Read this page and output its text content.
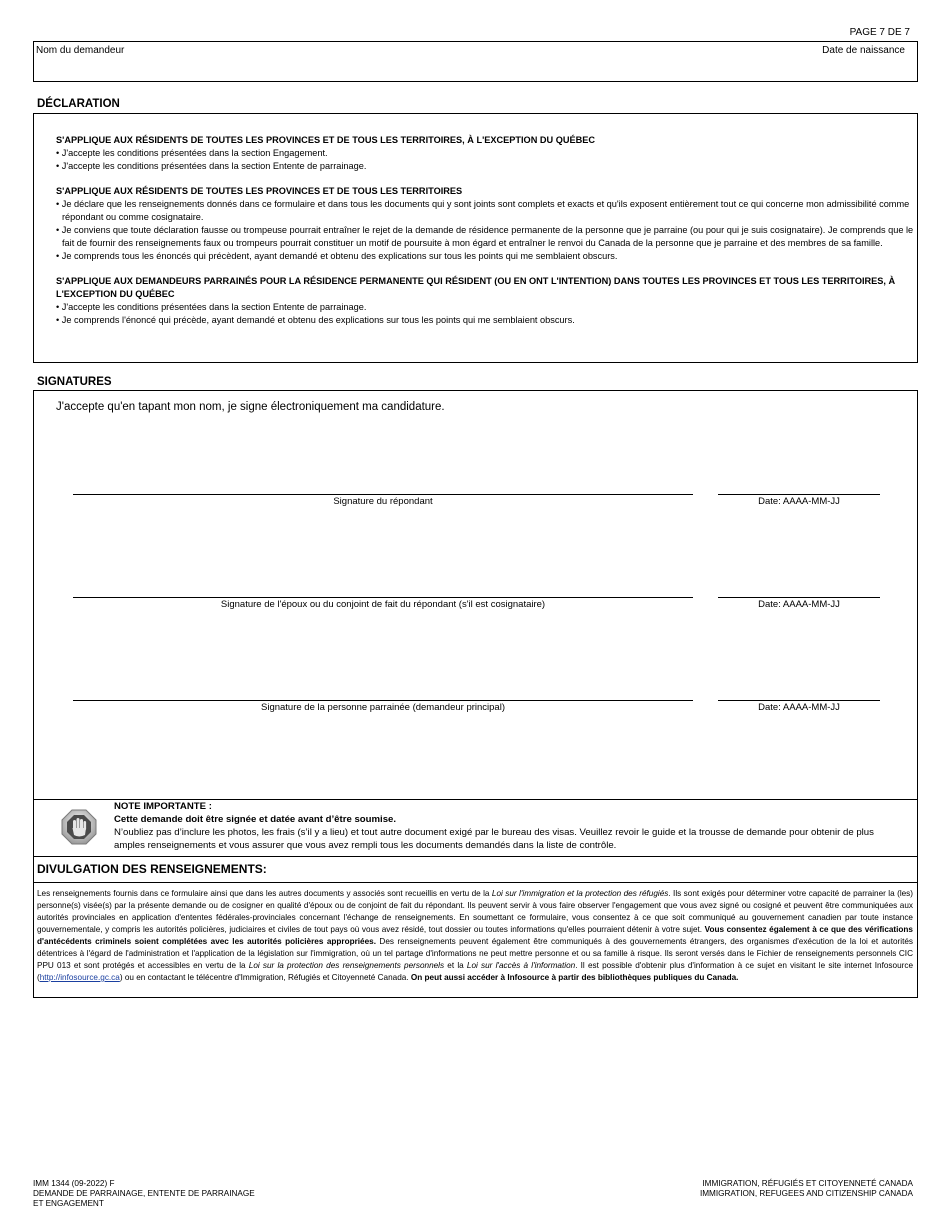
PAGE 7 DE 7
Nom du demandeur	Date de naissance
DÉCLARATION
S'APPLIQUE AUX RÉSIDENTS DE TOUTES LES PROVINCES ET DE TOUS LES TERRITOIRES, À L'EXCEPTION DU QUÉBEC
• J'accepte les conditions présentées dans la section Engagement.
• J'accepte les conditions présentées dans la section Entente de parrainage.
S'APPLIQUE AUX RÉSIDENTS DE TOUTES LES PROVINCES ET DE TOUS LES TERRITOIRES
• Je déclare que les renseignements donnés dans ce formulaire et dans tous les documents qui y sont joints sont complets et exacts et qu'ils exposent entièrement tout ce qui concerne mon admissibilité comme répondant ou comme cosignataire.
• Je conviens que toute déclaration fausse ou trompeuse pourrait entraîner le rejet de la demande de résidence permanente de la personne que je parraine (ou pour qui je suis cosignataire). Je comprends que le fait de fournir des renseignements faux ou trompeurs pourrait constituer un motif de poursuite à mon égard et entraîner le renvoi du Canada de la personne que je parraine et des membres de sa famille.
• Je comprends tous les énoncés qui précèdent, ayant demandé et obtenu des explications sur tous les points qui me semblaient obscurs.
S'APPLIQUE AUX DEMANDEURS PARRAINÉS POUR LA RÉSIDENCE PERMANENTE QUI RÉSIDENT (OU EN ONT L'INTENTION) DANS TOUTES LES PROVINCES ET TOUS LES TERRITOIRES, À L'EXCEPTION DU QUÉBEC
• J'accepte les conditions présentées dans la section Entente de parrainage.
• Je comprends l'énoncé qui précède, ayant demandé et obtenu des explications sur tous les points qui me semblaient obscurs.
SIGNATURES
J'accepte qu'en tapant mon nom, je signe électroniquement ma candidature.
Signature du répondant	Date: AAAA-MM-JJ
Signature de l'époux ou du conjoint de fait du répondant (s'il est cosignataire)	Date: AAAA-MM-JJ
Signature de la personne parrainée (demandeur principal)	Date: AAAA-MM-JJ
NOTE IMPORTANTE :
Cette demande doit être signée et datée avant d’être soumise.
N’oubliez pas d’inclure les photos, les frais (s’il y a lieu) et tout autre document exigé par le bureau des visas. Veuillez revoir le guide et la trousse de demande pour obtenir de plus amples renseignements et vous assurer que vous avez rempli tous les documents demandés dans la liste de contrôle.
DIVULGATION DES RENSEIGNEMENTS:
Les renseignements fournis dans ce formulaire ainsi que dans les autres documents y associés sont recueillis en vertu de la Loi sur l'immigration et la protection des réfugiés. Ils sont exigés pour déterminer votre capacité de parrainer la (les) personne(s) visée(s) par la présente demande ou de cosigner en qualité d'époux ou de conjoint de fait du répondant. Ils peuvent servir à vous faire observer l'engagement que vous avez signé ou cosigné et peuvent être communiquées aux autorités provinciales en application d'ententes fédérales-provinciales concernant l'échange de renseignements. En soumettant ce formulaire, vous consentez à ce que soit communiqué au gouvernement canadien par toute instance gouvernementale, y compris les autorités policières, judiciaires et civiles de tout pays où vous avez résidé, tout dossier ou toutes informations qu'elles pourraient détenir à votre sujet. Vous consentez également à ce que des vérifications d'antécédents criminels soient complétées avec les autorités policières appropriées. Des renseignements peuvent également être communiqués à des gouvernements étrangers, des organismes d'exécution de la loi et autorités détentrices à l'égard de l'administration et l'application de la législation sur l'immigration, où un tel partage d'informations ne peut mettre personne et ou sa famille à risque. Ils seront versés dans le Fichier de renseignements personnels CIC PPU 013 et sont protégés et accessibles en vertu de la Loi sur la protection des renseignements personnels et la Loi sur l'accès à l'information. Il est possible d'obtenir plus d'information à ce sujet en visitant le site internet Infosource (http://infosource.gc.ca) ou en contactant le télécentre d'Immigration, Réfugiés et Citoyenneté Canada. On peut aussi accéder à Infosource à partir des bibliothèques publiques du Canada.
IMM 1344 (09-2022) F
DEMANDE DE PARRAINAGE, ENTENTE DE PARRAINAGE
ET ENGAGEMENT
IMMIGRATION, RÉFUGIÉS ET CITOYENNETÉ CANADA
IMMIGRATION, REFUGEES AND CITIZENSHIP CANADA
